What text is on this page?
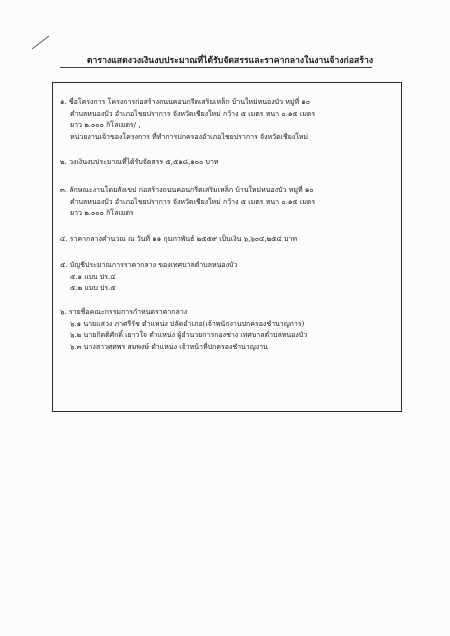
ตารางแสดงวงเงินงบประมาณที่ได้รับจัดสรรและราคากลางในงานจ้างก่อสร้าง
๑. ชื่อโครงการ โครงการก่อสร้างถนนคอนกรีตเสริมเหล็ก บ้านใหม่หนองบัว หมู่ที่ ๑๐
ตำบลหนองบัว อำเภอไชยปราการ จังหวัดเชียงใหม่ กว้าง ๕ เมตร หนา ๐.๑๕ เมตร
ยาว ๒.๐๐๐ กิโลเมตร/ ,
หน่วยงานเจ้าของโครงการ ที่ทำการปกครองอำเภอไชยปราการ จังหวัดเชียงใหม่
๒. วงเงินงบประมาณที่ได้รับจัดสรร ๕,๕๑๘,๑๐๐ บาท
๓. ลักษณะงานโดยสังเขป ก่อสร้างถนนคอนกรีตเสริมเหล็ก บ้านใหม่หนองบัว หมู่ที่ ๑๐
ตำบลหนองบัว อำเภอไชยปราการ จังหวัดเชียงใหม่ กว้าง ๕ เมตร หนา ๐.๑๕ เมตร
ยาว ๒.๐๐๐ กิโลเมตร
๔. ราคากลางคำนวณ ณ วันที่ ๑๑ กุมภาพันธ์ ๒๕๕๙ เป็นเงิน ๖,๖๐๔,๒๕๔ บาท
๕. บัญชีประมาณการราคากลาง ของเทศบาลตำบลหนองบัว
๕.๑ แบบ ปร.๔
๕.๒ แบบ ปร.๕
๖. รายชื่อคณะกรรมการกำหนดราคากลาง
๖.๑ นายแสวง ภาศรีรัช ตำแหน่ง ปลัดอำเภอ(เจ้าพนักงานปกครองชำนาญการ)
๖.๒ นายกิตติศักดิ์ เยาวใจ ตำแหน่ง ผู้อำนวยการกองช่าง เทศบาลตำบลหนองบัว
๖.๓ นางสาวศศพร สมพงษ์ ตำแหน่ง เจ้าหน้าที่ปกครองชำนาญงาน
